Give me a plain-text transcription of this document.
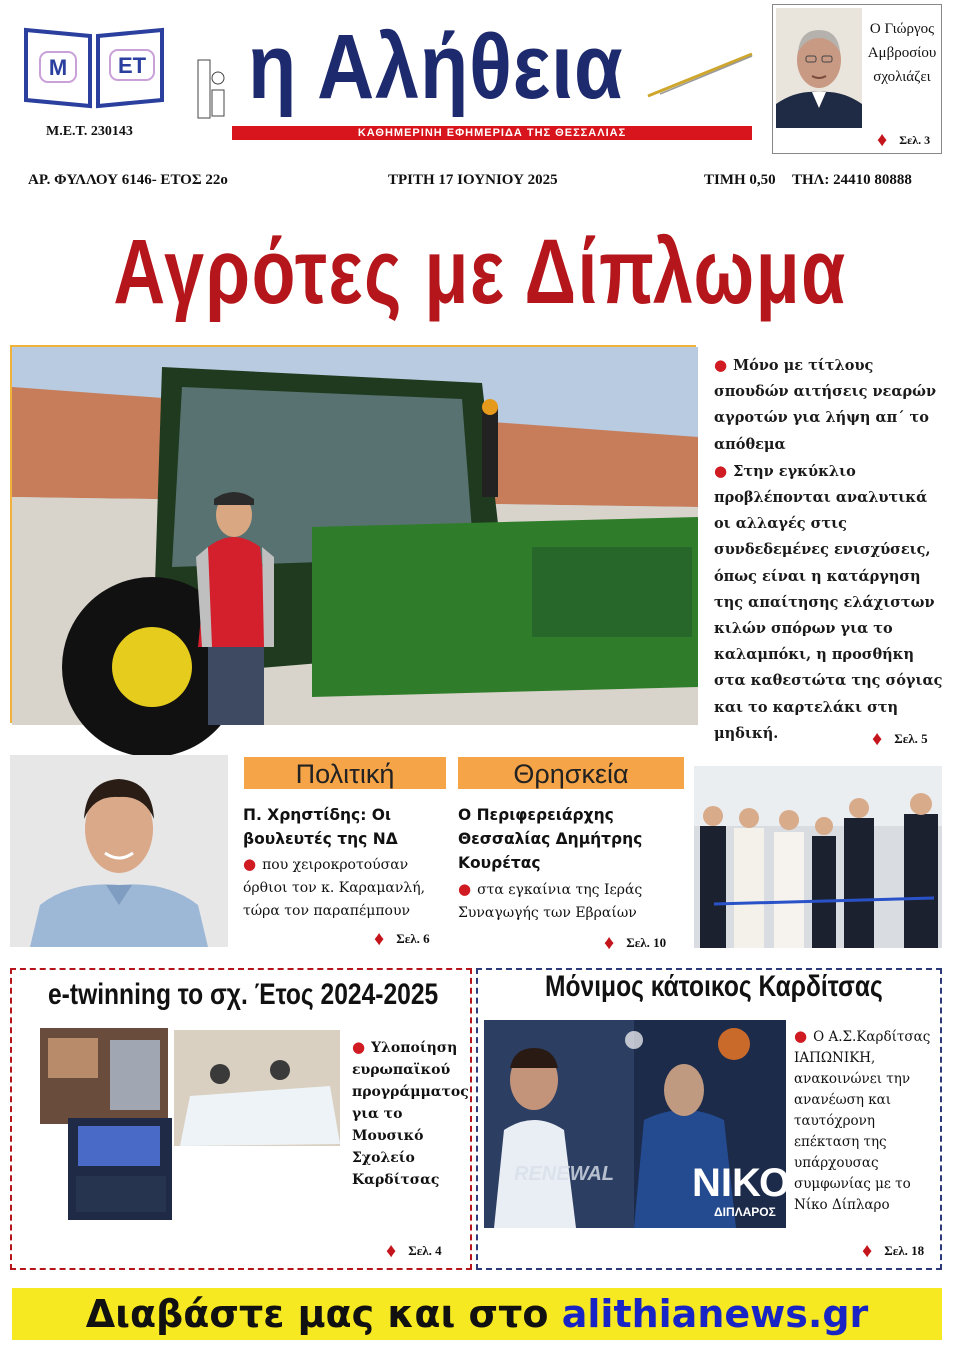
Μ ΕΤ
Μ.Ε.Τ. 230143
η Αλήθεια
ΚΑΘΗΜΕΡΙΝΗ ΕΦΗΜΕΡΙΔΑ ΤΗΣ ΘΕΣΣΑΛΙΑΣ
Ο Γιώργος
Αμβροσίου
σχολιάζει
♦ Σελ. 3
ΑΡ. ΦΥΛΛΟΥ 6146- ΕΤΟΣ 22ο	ΤΡΙΤΗ 17 ΙΟΥΝΙΟΥ 2025	ΤΙΜΗ 0,50 ΤΗΛ: 24410 80888
Αγρότες με Δίπλωμα
● Μόνο με τίτλους σπουδών αιτήσεις νεαρών αγροτών για λήψη απ΄ το απόθεμα
● Στην εγκύκλιο προβλέπονται αναλυτικά οι αλλαγές στις συνδεδεμένες ενισχύσεις, όπως είναι η κατάργηση της απαίτησης ελάχιστων κιλών σπόρων για το καλαμπόκι, η προσθήκη στα καθεστώτα της σόγιας και το καρτελάκι στη μηδική.	♦ Σελ. 5
Πολιτική
Π. Χρηστίδης: Οι βουλευτές της ΝΔ
● που χειροκροτούσαν όρθιοι τον κ. Καραμανλή, τώρα τον παραπέμπουν
♦ Σελ. 6
Θρησκεία
Ο Περιφερειάρχης Θεσσαλίας Δημήτρης Κουρέτας
● στα εγκαίνια της Ιεράς Συναγωγής των Εβραίων
♦ Σελ. 10
e-twinning το σχ. Έτος 2024-2025
● Υλοποίηση ευρωπαϊκού προγράμματος για το Μουσικό Σχολείο Καρδίτσας
♦ Σελ. 4
Μόνιμος κάτοικος Καρδίτσας
RENEWAL ΝΙΚΟΣ
ΔΙΠΛΑΡΟΣ
● Ο Α.Σ.Καρδίτσας ΙΑΠΩΝΙΚΗ, ανακοινώνει την ανανέωση και ταυτόχρονη επέκταση της υπάρχουσας συμφωνίας με το Νίκο Δίπλαρο
♦ Σελ. 18
Διαβάστε μας και στο alithianews.gr
